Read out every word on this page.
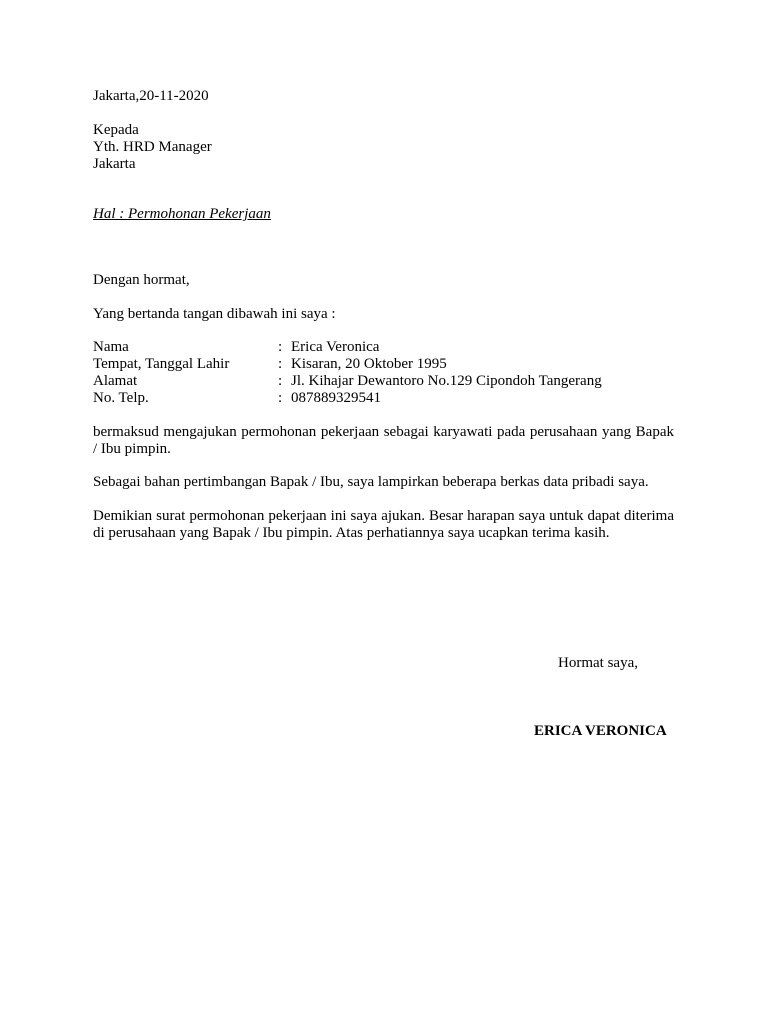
Jakarta,20-11-2020
Kepada
Yth. HRD Manager
Jakarta
Hal : Permohonan Pekerjaan
Dengan hormat,
Yang bertanda tangan dibawah ini saya :
Nama	: Erica Veronica
Tempat, Tanggal Lahir	: Kisaran, 20 Oktober 1995
Alamat	: Jl. Kihajar Dewantoro No.129 Cipondoh Tangerang
No. Telp.	: 087889329541
bermaksud mengajukan permohonan pekerjaan sebagai karyawati pada perusahaan yang Bapak / Ibu pimpin.
Sebagai bahan pertimbangan Bapak / Ibu, saya lampirkan beberapa berkas data pribadi saya.
Demikian surat permohonan pekerjaan ini saya ajukan. Besar harapan saya untuk dapat diterima di perusahaan yang Bapak / Ibu pimpin. Atas perhatiannya saya ucapkan terima kasih.
Hormat saya,
ERICA VERONICA
